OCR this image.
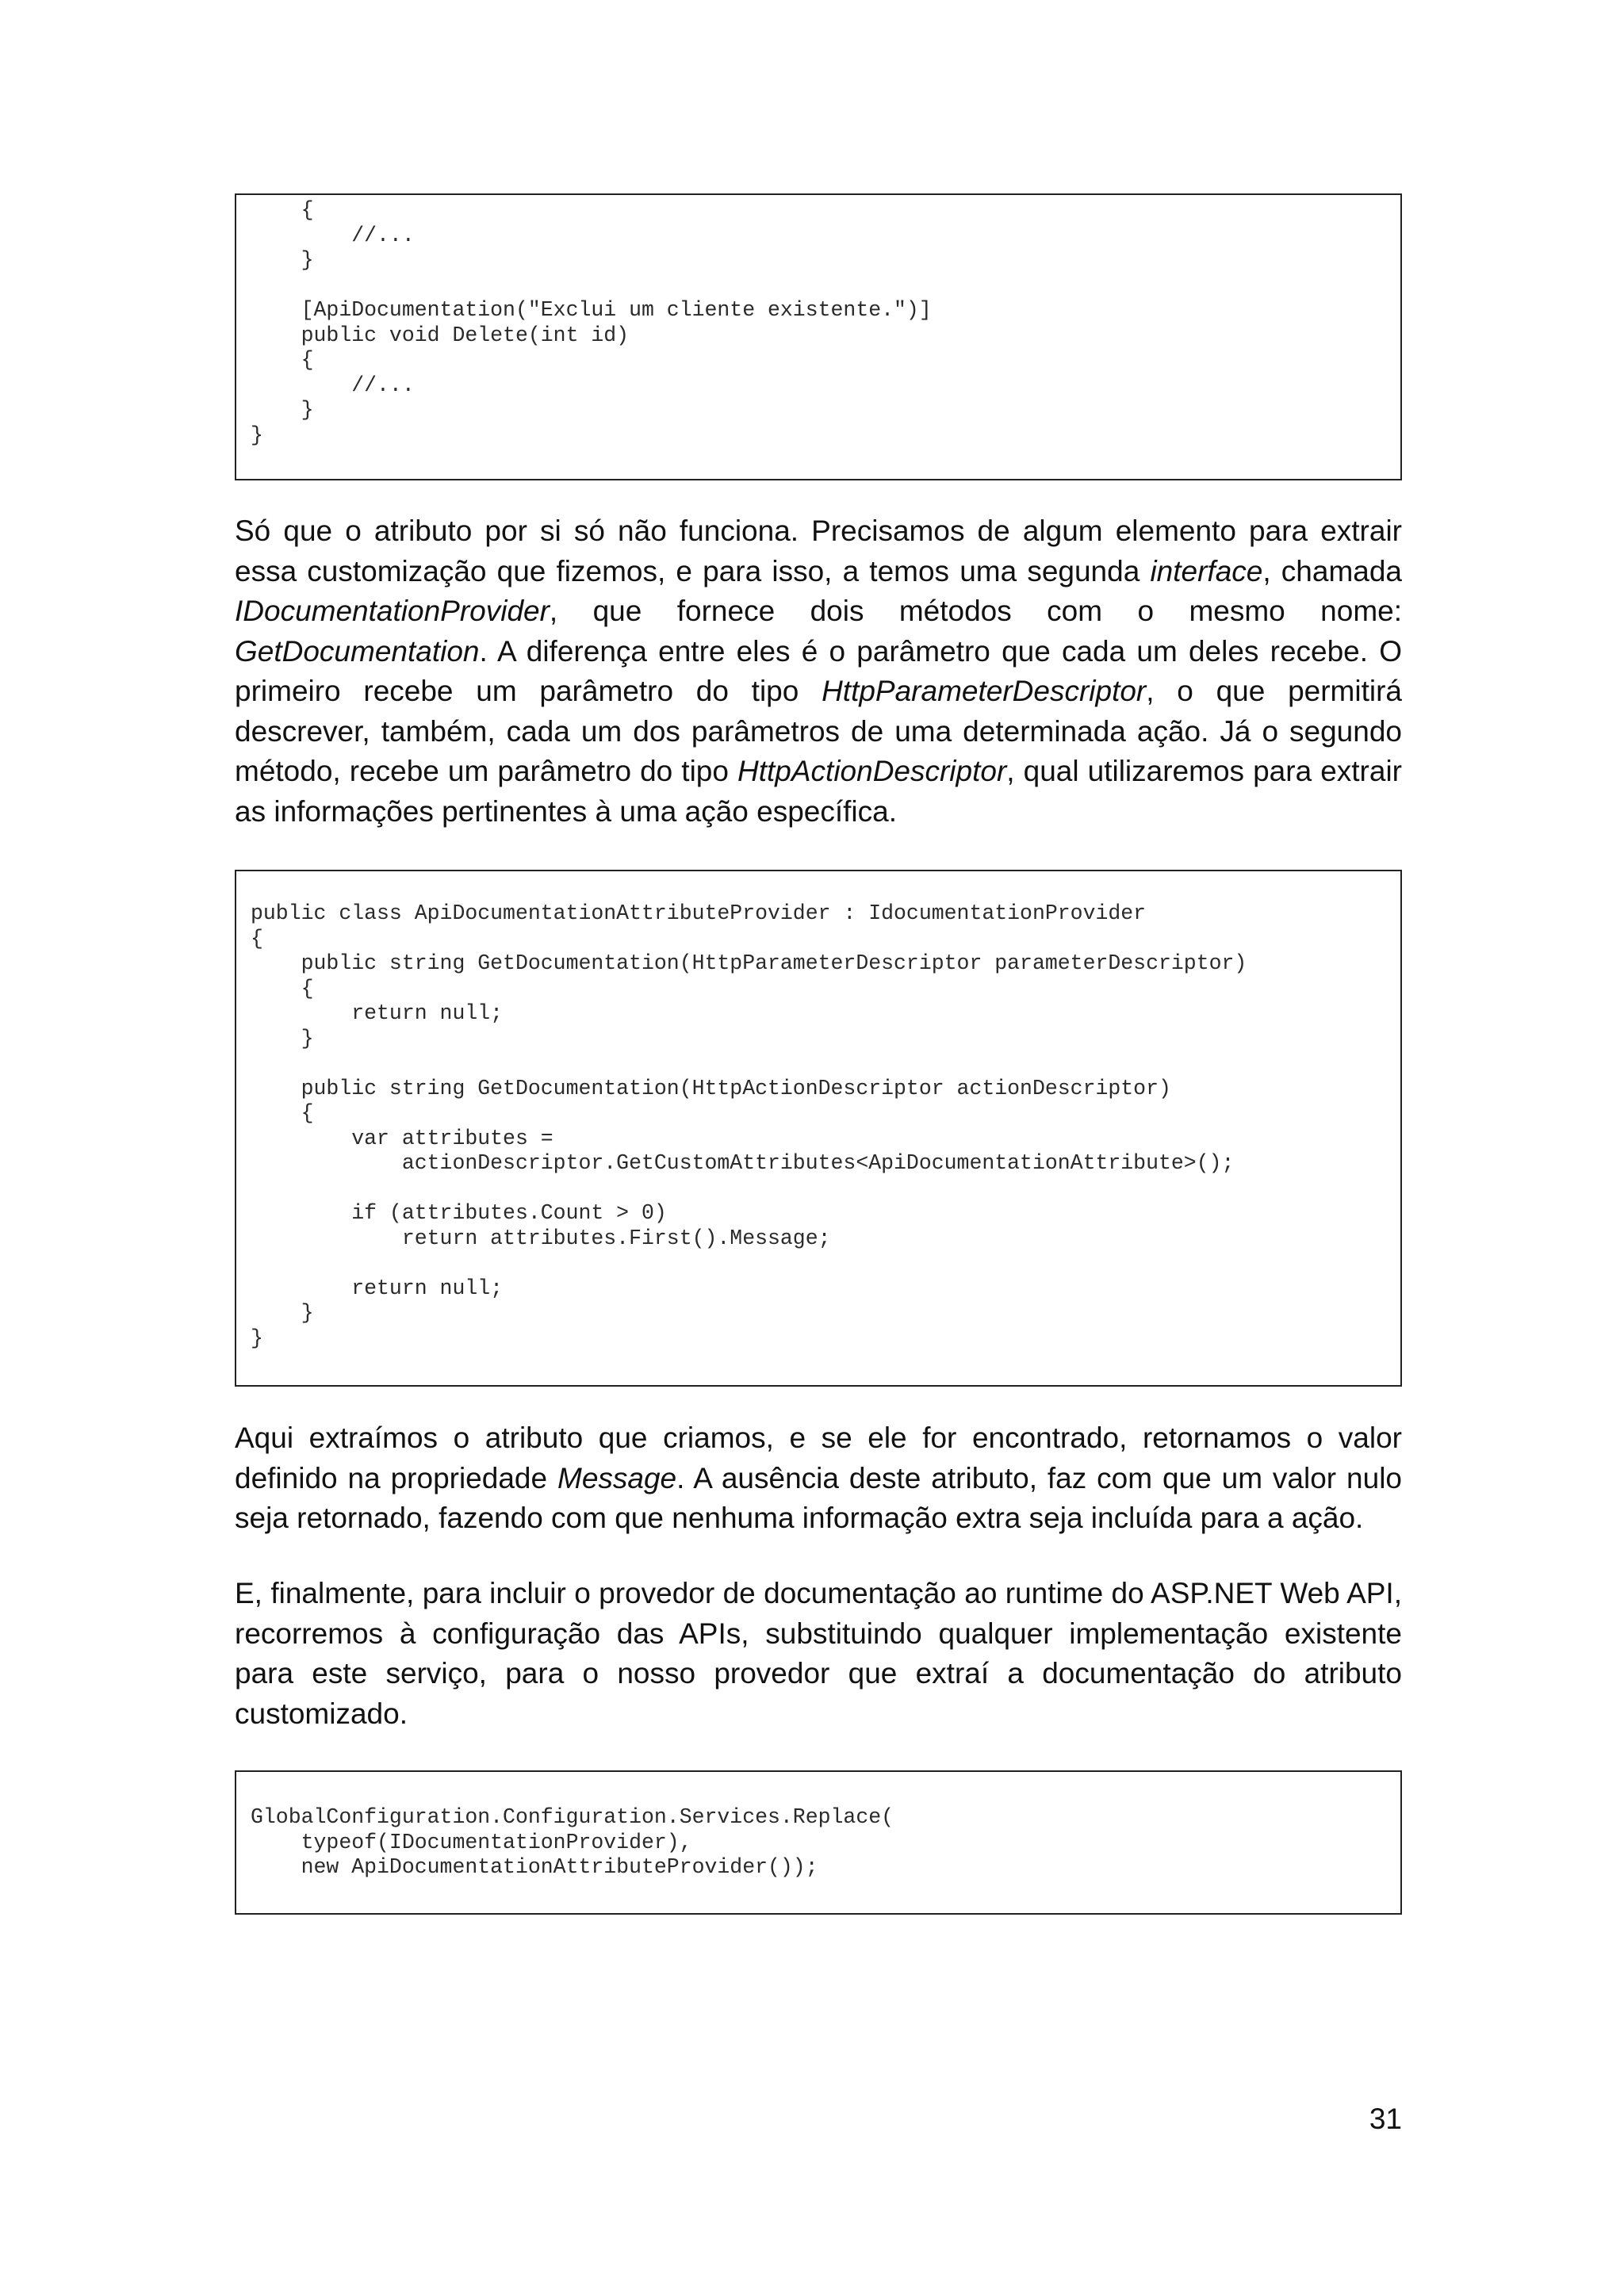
{
//...
}

[ApiDocumentation("Exclui um cliente existente.")]
public void Delete(int id)
{
//...
}
}

Só que o atributo por si só não funciona. Precisamos de algum elemento para extrair essa customização que fizemos, e para isso, a temos uma segunda interface, chamada IDocumentationProvider, que fornece dois métodos com o mesmo nome: GetDocumentation. A diferença entre eles é o parâmetro que cada um deles recebe. O primeiro recebe um parâmetro do tipo HttpParameterDescriptor, o que permitirá descrever, também, cada um dos parâmetros de uma determinada ação. Já o segundo método, recebe um parâmetro do tipo HttpActionDescriptor, qual utilizaremos para extrair as informações pertinentes à uma ação específica.

public class ApiDocumentationAttributeProvider : IdocumentationProvider
{
public string GetDocumentation(HttpParameterDescriptor parameterDescriptor)
{
return null;
}

public string GetDocumentation(HttpActionDescriptor actionDescriptor)
{
var attributes =
actionDescriptor.GetCustomAttributes<ApiDocumentationAttribute>();

if (attributes.Count > 0)
return attributes.First().Message;

return null;
}
}

Aqui extraímos o atributo que criamos, e se ele for encontrado, retornamos o valor definido na propriedade Message. A ausência deste atributo, faz com que um valor nulo seja retornado, fazendo com que nenhuma informação extra seja incluída para a ação.

E, finalmente, para incluir o provedor de documentação ao runtime do ASP.NET Web API, recorremos à configuração das APIs, substituindo qualquer implementação existente para este serviço, para o nosso provedor que extraí a documentação do atributo customizado.

GlobalConfiguration.Configuration.Services.Replace(
typeof(IDocumentationProvider),
new ApiDocumentationAttributeProvider());
31
